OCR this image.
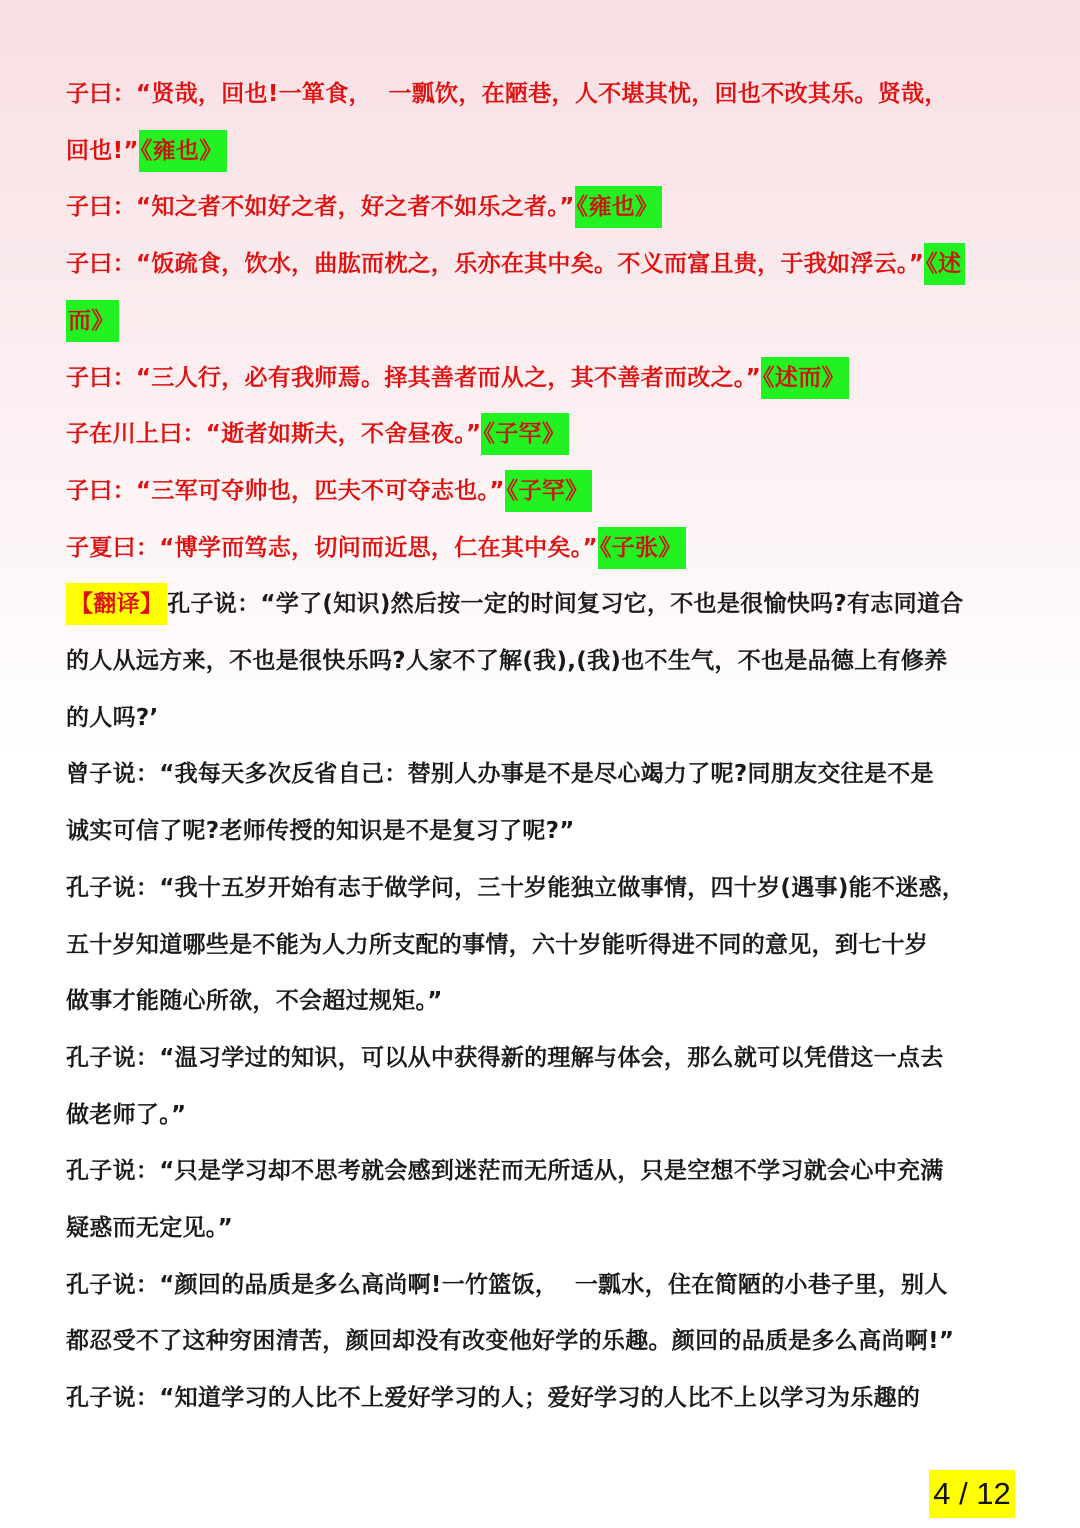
子曰：“贤哉，回也!一箪食，  一瓢饮，在陋巷，人不堪其忧，回也不改其乐。贤哉，
回也!”《雍也》
子曰：“知之者不如好之者，好之者不如乐之者。”《雍也》
子曰：“饭疏食，饮水，曲肱而枕之，乐亦在其中矣。不义而富且贵，于我如浮云。”《述
而》
子曰：“三人行，必有我师焉。择其善者而从之，其不善者而改之。”《述而》
子在川上曰：“逝者如斯夫，不舍昼夜。”《子罕》
子曰：“三军可夺帅也，匹夫不可夺志也。”《子罕》
子夏曰：“博学而笃志，切问而近思，仁在其中矣。”《子张》
【翻译】 孔子说：“学了(知识)然后按一定的时间复习它，不也是很愉快吗?有志同道合
的人从远方来，不也是很快乐吗?人家不了解(我),(我)也不生气，不也是品德上有修养
的人吗?’
曾子说：“我每天多次反省自己：替别人办事是不是尽心竭力了呢?同朋友交往是不是
诚实可信了呢?老师传授的知识是不是复习了呢?”
孔子说：“我十五岁开始有志于做学问，三十岁能独立做事情，四十岁(遇事)能不迷惑，
五十岁知道哪些是不能为人力所支配的事情，六十岁能听得进不同的意见，到七十岁
做事才能随心所欲，不会超过规矩。”
孔子说：“温习学过的知识，可以从中获得新的理解与体会，那么就可以凭借这一点去
做老师了。”
孔子说：“只是学习却不思考就会感到迷茫而无所适从，只是空想不学习就会心中充满
疑惑而无定见。”
孔子说：“颜回的品质是多么高尚啊!一竹篮饭，  一瓢水，住在简陋的小巷子里，别人
都忍受不了这种穷困清苦，颜回却没有改变他好学的乐趣。颜回的品质是多么高尚啊!”
孔子说：“知道学习的人比不上爱好学习的人；爱好学习的人比不上以学习为乐趣的
4 / 12
